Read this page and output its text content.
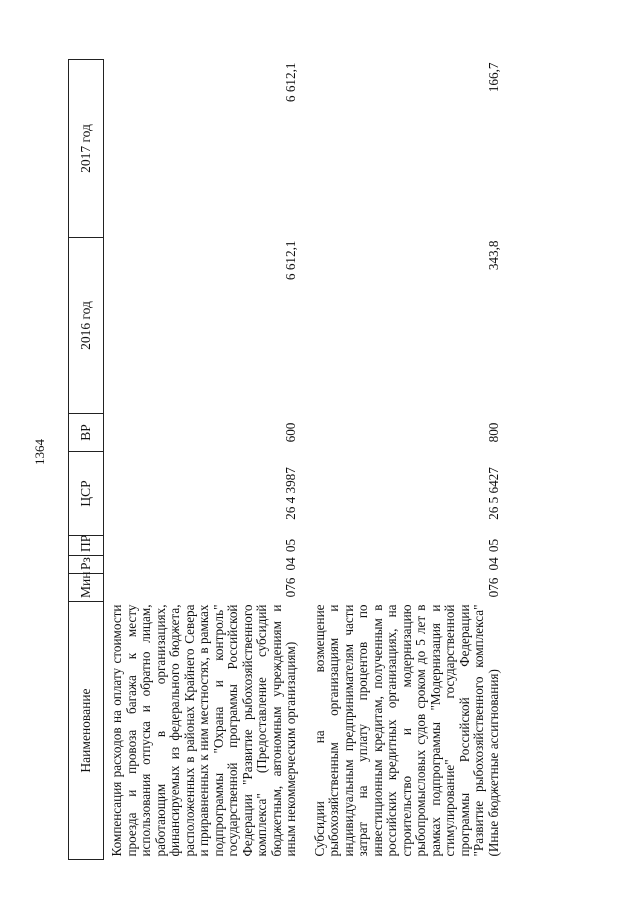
1364
Наименование	Мин	Рз	ПР	ЦСР	ВР	2016 год	2017 год
Компенсация расходов на оплату стоимости проезда и провоза багажа к месту использования отпуска и обратно лицам, работающим в организациях, финансируемых из федерального бюджета, расположенных в районах Крайнего Севера и приравненных к ним местностях, в рамках подпрограммы "Охрана и контроль" государственной программы Российской Федерации "Развитие рыбохозяйственного комплекса" (Предоставление субсидий бюджетным, автономным учреждениям и иным некоммерческим организациям)	076	04	05	26 4 3987	600	6 612,1	6 612,1
Субсидии на возмещение рыбохозяйственным организациям и индивидуальным предпринимателям части затрат на уплату процентов по инвестиционным кредитам, полученным в российских кредитных организациях, на строительство и модернизацию рыбопромысловых судов сроком до 5 лет в рамках подпрограммы "Модернизация и стимулирование" государственной программы Российской Федерации "Развитие рыбохозяйственного комплекса" (Иные бюджетные ассигнования)	076	04	05	26 5 6427	800	343,8	166,7
